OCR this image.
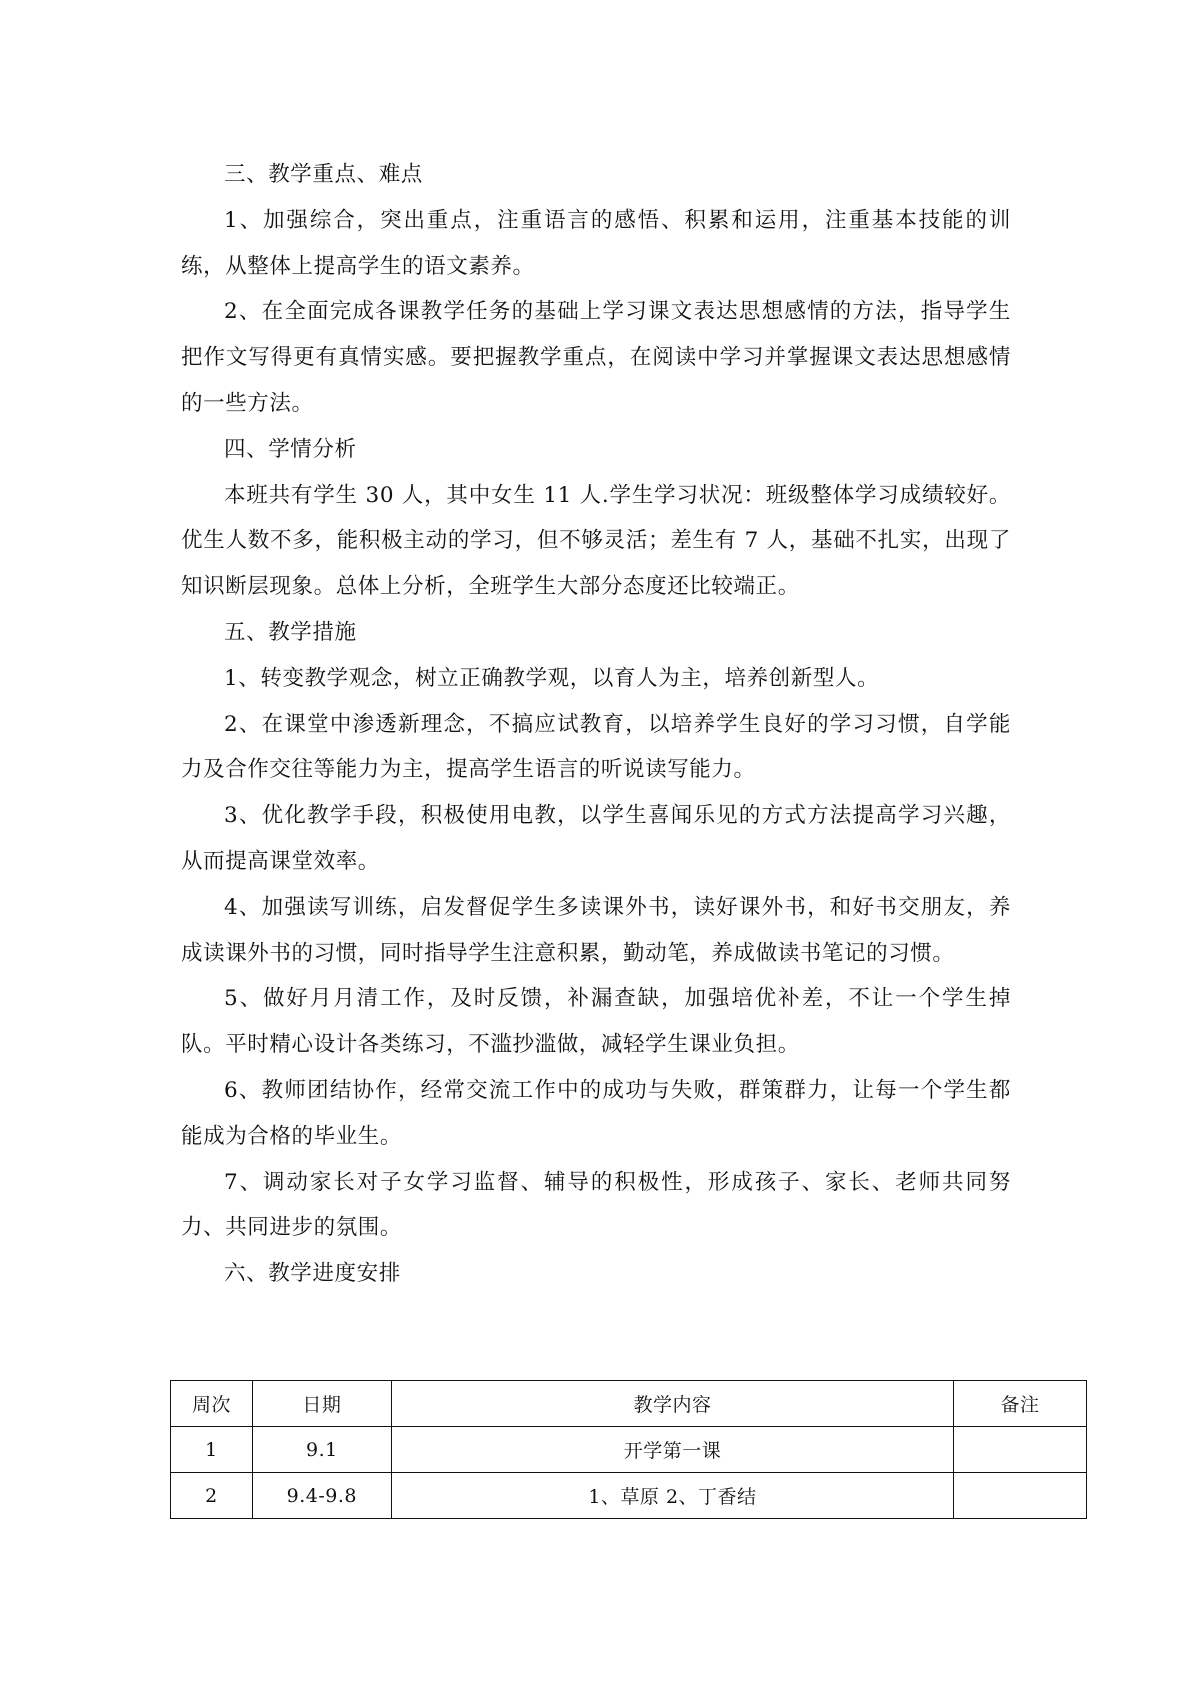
三、教学重点、难点

1、加强综合，突出重点，注重语言的感悟、积累和运用，注重基本技能的训练，从整体上提高学生的语文素养。

2、在全面完成各课教学任务的基础上学习课文表达思想感情的方法，指导学生把作文写得更有真情实感。要把握教学重点，在阅读中学习并掌握课文表达思想感情的一些方法。

四、学情分析

本班共有学生 30 人，其中女生 11 人.学生学习状况：班级整体学习成绩较好。优生人数不多，能积极主动的学习，但不够灵活；差生有 7 人，基础不扎实，出现了知识断层现象。总体上分析，全班学生大部分态度还比较端正。

五、教学措施

1、转变教学观念，树立正确教学观，以育人为主，培养创新型人。

2、在课堂中渗透新理念，不搞应试教育，以培养学生良好的学习习惯，自学能力及合作交往等能力为主，提高学生语言的听说读写能力。

3、优化教学手段，积极使用电教，以学生喜闻乐见的方式方法提高学习兴趣，从而提高课堂效率。

4、加强读写训练，启发督促学生多读课外书，读好课外书，和好书交朋友，养成读课外书的习惯，同时指导学生注意积累，勤动笔，养成做读书笔记的习惯。

5、做好月月清工作，及时反馈，补漏查缺，加强培优补差，不让一个学生掉队。平时精心设计各类练习，不滥抄滥做，减轻学生课业负担。

6、教师团结协作，经常交流工作中的成功与失败，群策群力，让每一个学生都能成为合格的毕业生。

7、调动家长对子女学习监督、辅导的积极性，形成孩子、家长、老师共同努力、共同进步的氛围。

六、教学进度安排

周次	日期	教学内容	备注
1	9.1	开学第一课	
2	9.4-9.8	1、草原 2、丁香结	
